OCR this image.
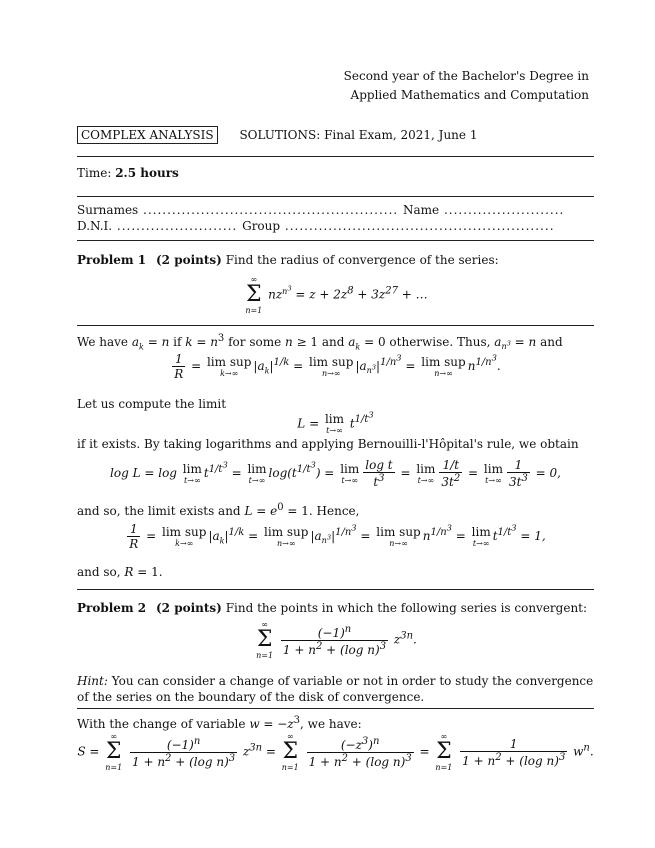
Second year of the Bachelor's Degree in
Applied Mathematics and Computation
COMPLEX ANALYSIS SOLUTIONS: Final Exam, 2021, June 1
Time: 2.5 hours
Surnames ..................................................... Name .........................
D.N.I. ......................... Group ........................................................
Problem 1 (2 points) Find the radius of convergence of the series:
∞
Σ
n=1
$nz^{n^3} = z + 2z^8 + 3z^{27}$ + …
We have $a_k = n$ if $k = n^3$ for some n ≥ 1 and $a_k = 0$ otherwise. Thus, $a_{n^3} = n$ and
$\frac{1}{R} = \lim$ sup
k→∞
$|a_k|^{1/k} = \lim$ sup
n→∞
$|a_{n^3}|^{1/n^3} = \lim$ sup
n→∞
$n^{1/n^3}$.
Let us compute the limit
L = lim
t→∞
$t^{1/t^3}$
if it exists. By taking logarithms and applying Bernouilli-l'Hôpital's rule, we obtain
log L = log lim
t→∞
$t^{1/t^3} = \lim$
t→∞
$\log(t^{1/t^3}) = \lim$
$t\to\infty \frac{\text{log t}}{t^3} = \lim$
$t\to\infty \frac{1/t}{3t^2} = \lim$
$t\to\infty \frac{1}{3t^3} = 0$,
and so, the limit exists and $L = e^0 = 1$. Hence,
$\frac{1}{R} = \lim$ sup
k→∞
$|a_k|^{1/k} = \lim$ sup
n→∞
$|a_{n^3}|^{1/n^3} = \lim$ sup
n→∞
$n^{1/n^3} = \lim$
t→∞
$t^{1/t^3} = 1$,
and so, R = 1.
Problem 2 (2 points) Find the points in which the following series is convergent:
∞
Σ
n=1
$\frac{(-1)^n}{1 + n^2 + (\log n)^3} z^{3n}$.
Hint: You can consider a change of variable or not in order to study the convergence of the series on the boundary of the disk of convergence.
With the change of variable $w = -z^3$, we have:
S =
∞
Σ
n=1
$\frac{(-1)^n}{1 + n^2 + (\log n)^3} z^{3n}$ =
∞
Σ
n=1
$\frac{(-z^3)^n}{1 + n^2 + (\log n)^3}$ =
∞
Σ
n=1
$\frac{1}{1 + n^2 + (\log n)^3} w^n$.
